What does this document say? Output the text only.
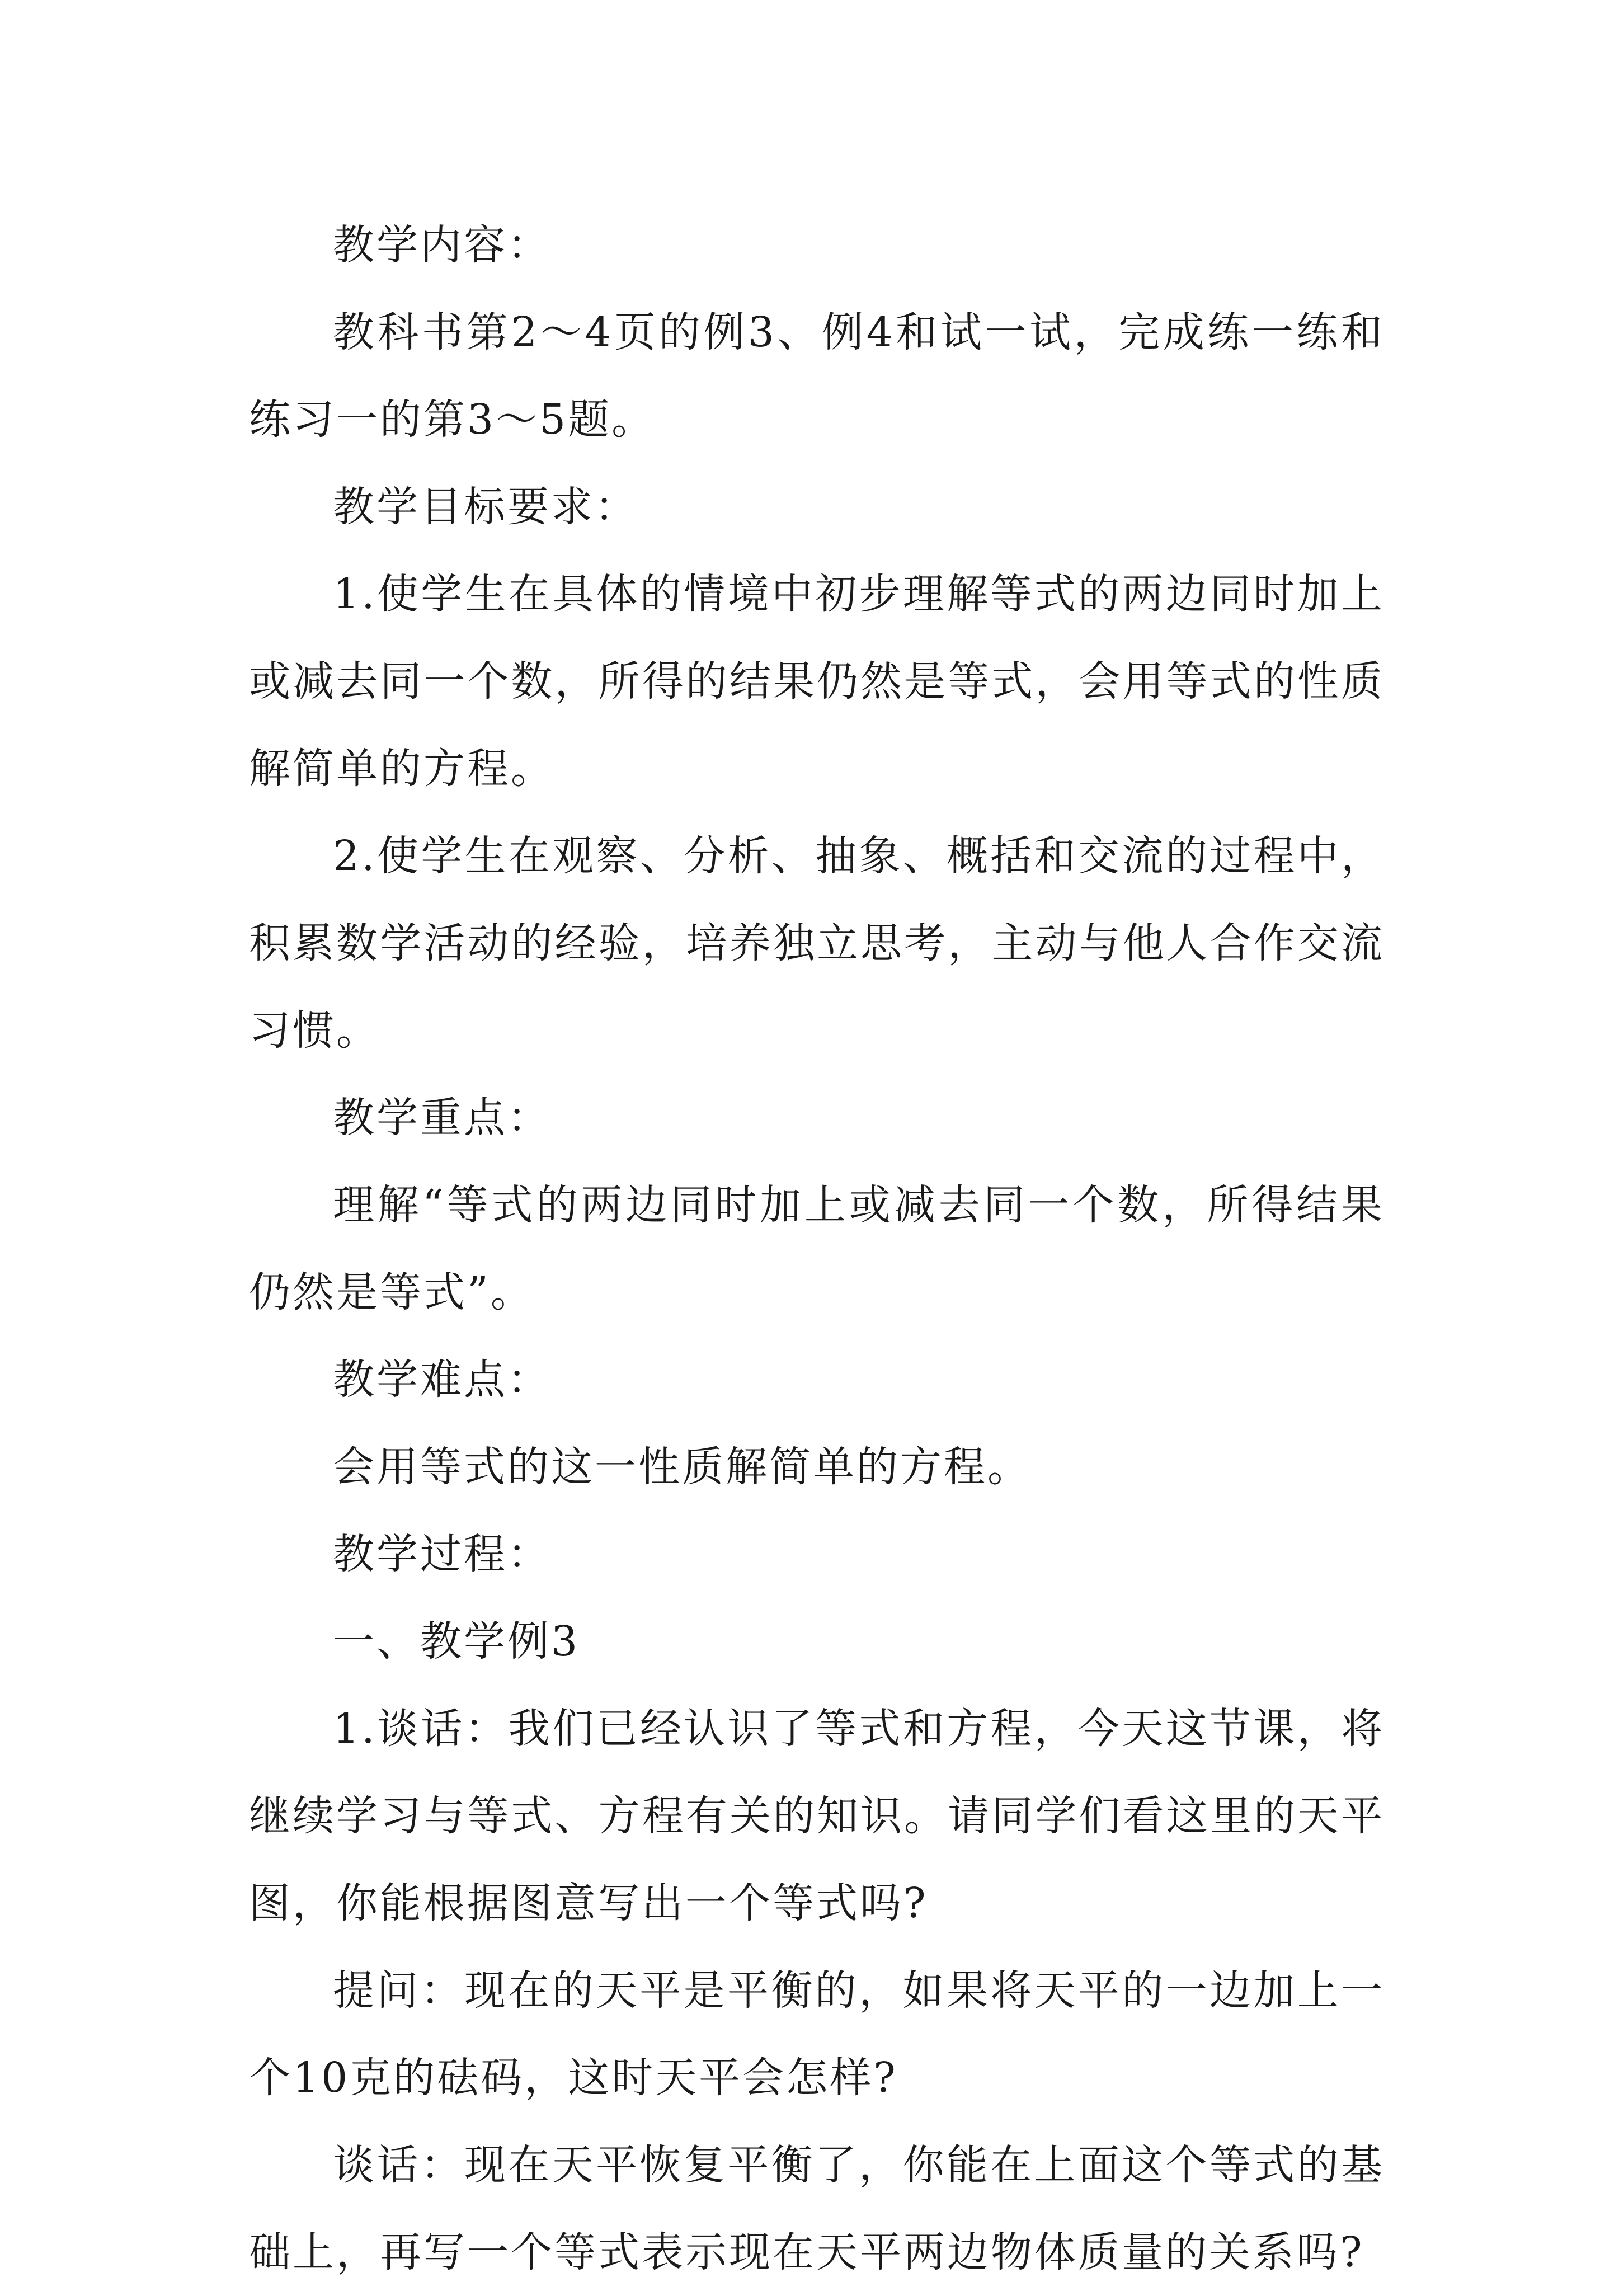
教学内容：

教科书第2～4页的例3、例4和试一试，完成练一练和练习一的第3～5题。

教学目标要求：

1.使学生在具体的情境中初步理解等式的两边同时加上或减去同一个数，所得的结果仍然是等式，会用等式的性质解简单的方程。

2.使学生在观察、分析、抽象、概括和交流的过程中，积累数学活动的经验，培养独立思考，主动与他人合作交流习惯。

教学重点：

理解“等式的两边同时加上或减去同一个数，所得结果仍然是等式”。

教学难点：

会用等式的这一性质解简单的方程。

教学过程：

一、教学例3

1.谈话：我们已经认识了等式和方程，今天这节课，将继续学习与等式、方程有关的知识。请同学们看这里的天平图，你能根据图意写出一个等式吗?

提问：现在的天平是平衡的，如果将天平的一边加上一个10克的砝码，这时天平会怎样?

谈话：现在天平恢复平衡了，你能在上面这个等式的基础上，再写一个等式表示现在天平两边物体质量的关系吗?
